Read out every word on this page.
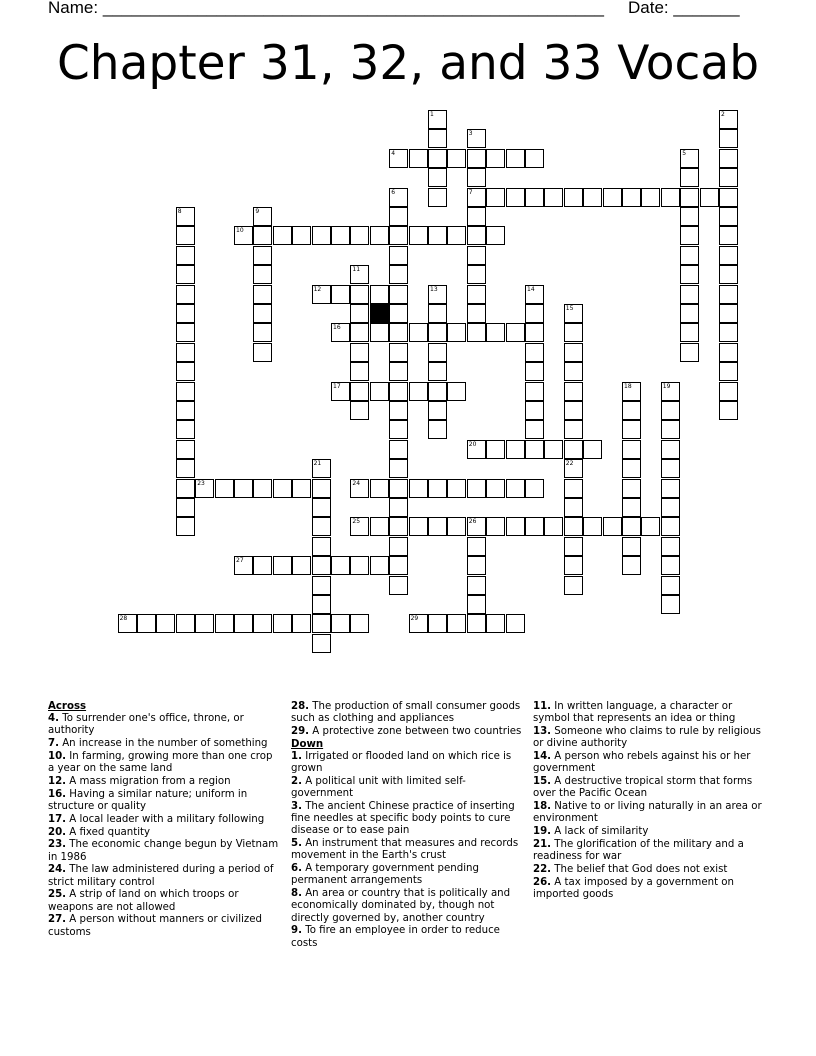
Name: _____________________________________________________ Date: _______
Chapter 31, 32, and 33 Vocab
1	2
3
7
4	5
6
8	9
10
11
12	13	14
15
22
16
17	18	19
20
21
23	24
25	26
27
28	29
Across
4. To surrender one's office, throne, or authority
7. An increase in the number of something
10. In farming, growing more than one crop a year on the same land
12. A mass migration from a region
16. Having a similar nature; uniform in structure or quality
17. A local leader with a military following
20. A fixed quantity
23. The economic change begun by Vietnam in 1986
24. The law administered during a period of strict military control
25. A strip of land on which troops or weapons are not allowed
27. A person without manners or civilized customs
28. The production of small consumer goods such as clothing and appliances
29. A protective zone between two countries
Down
1. Irrigated or flooded land on which rice is grown
2. A political unit with limited self-government
3. The ancient Chinese practice of inserting fine needles at specific body points to cure disease or to ease pain
5. An instrument that measures and records movement in the Earth's crust
6. A temporary government pending permanent arrangements
8. An area or country that is politically and economically dominated by, though not directly governed by, another country
9. To fire an employee in order to reduce costs
11. In written language, a character or symbol that represents an idea or thing
13. Someone who claims to rule by religious or divine authority
14. A person who rebels against his or her government
15. A destructive tropical storm that forms over the Pacific Ocean
18. Native to or living naturally in an area or environment
19. A lack of similarity
21. The glorification of the military and a readiness for war
22. The belief that God does not exist
26. A tax imposed by a government on imported goods
